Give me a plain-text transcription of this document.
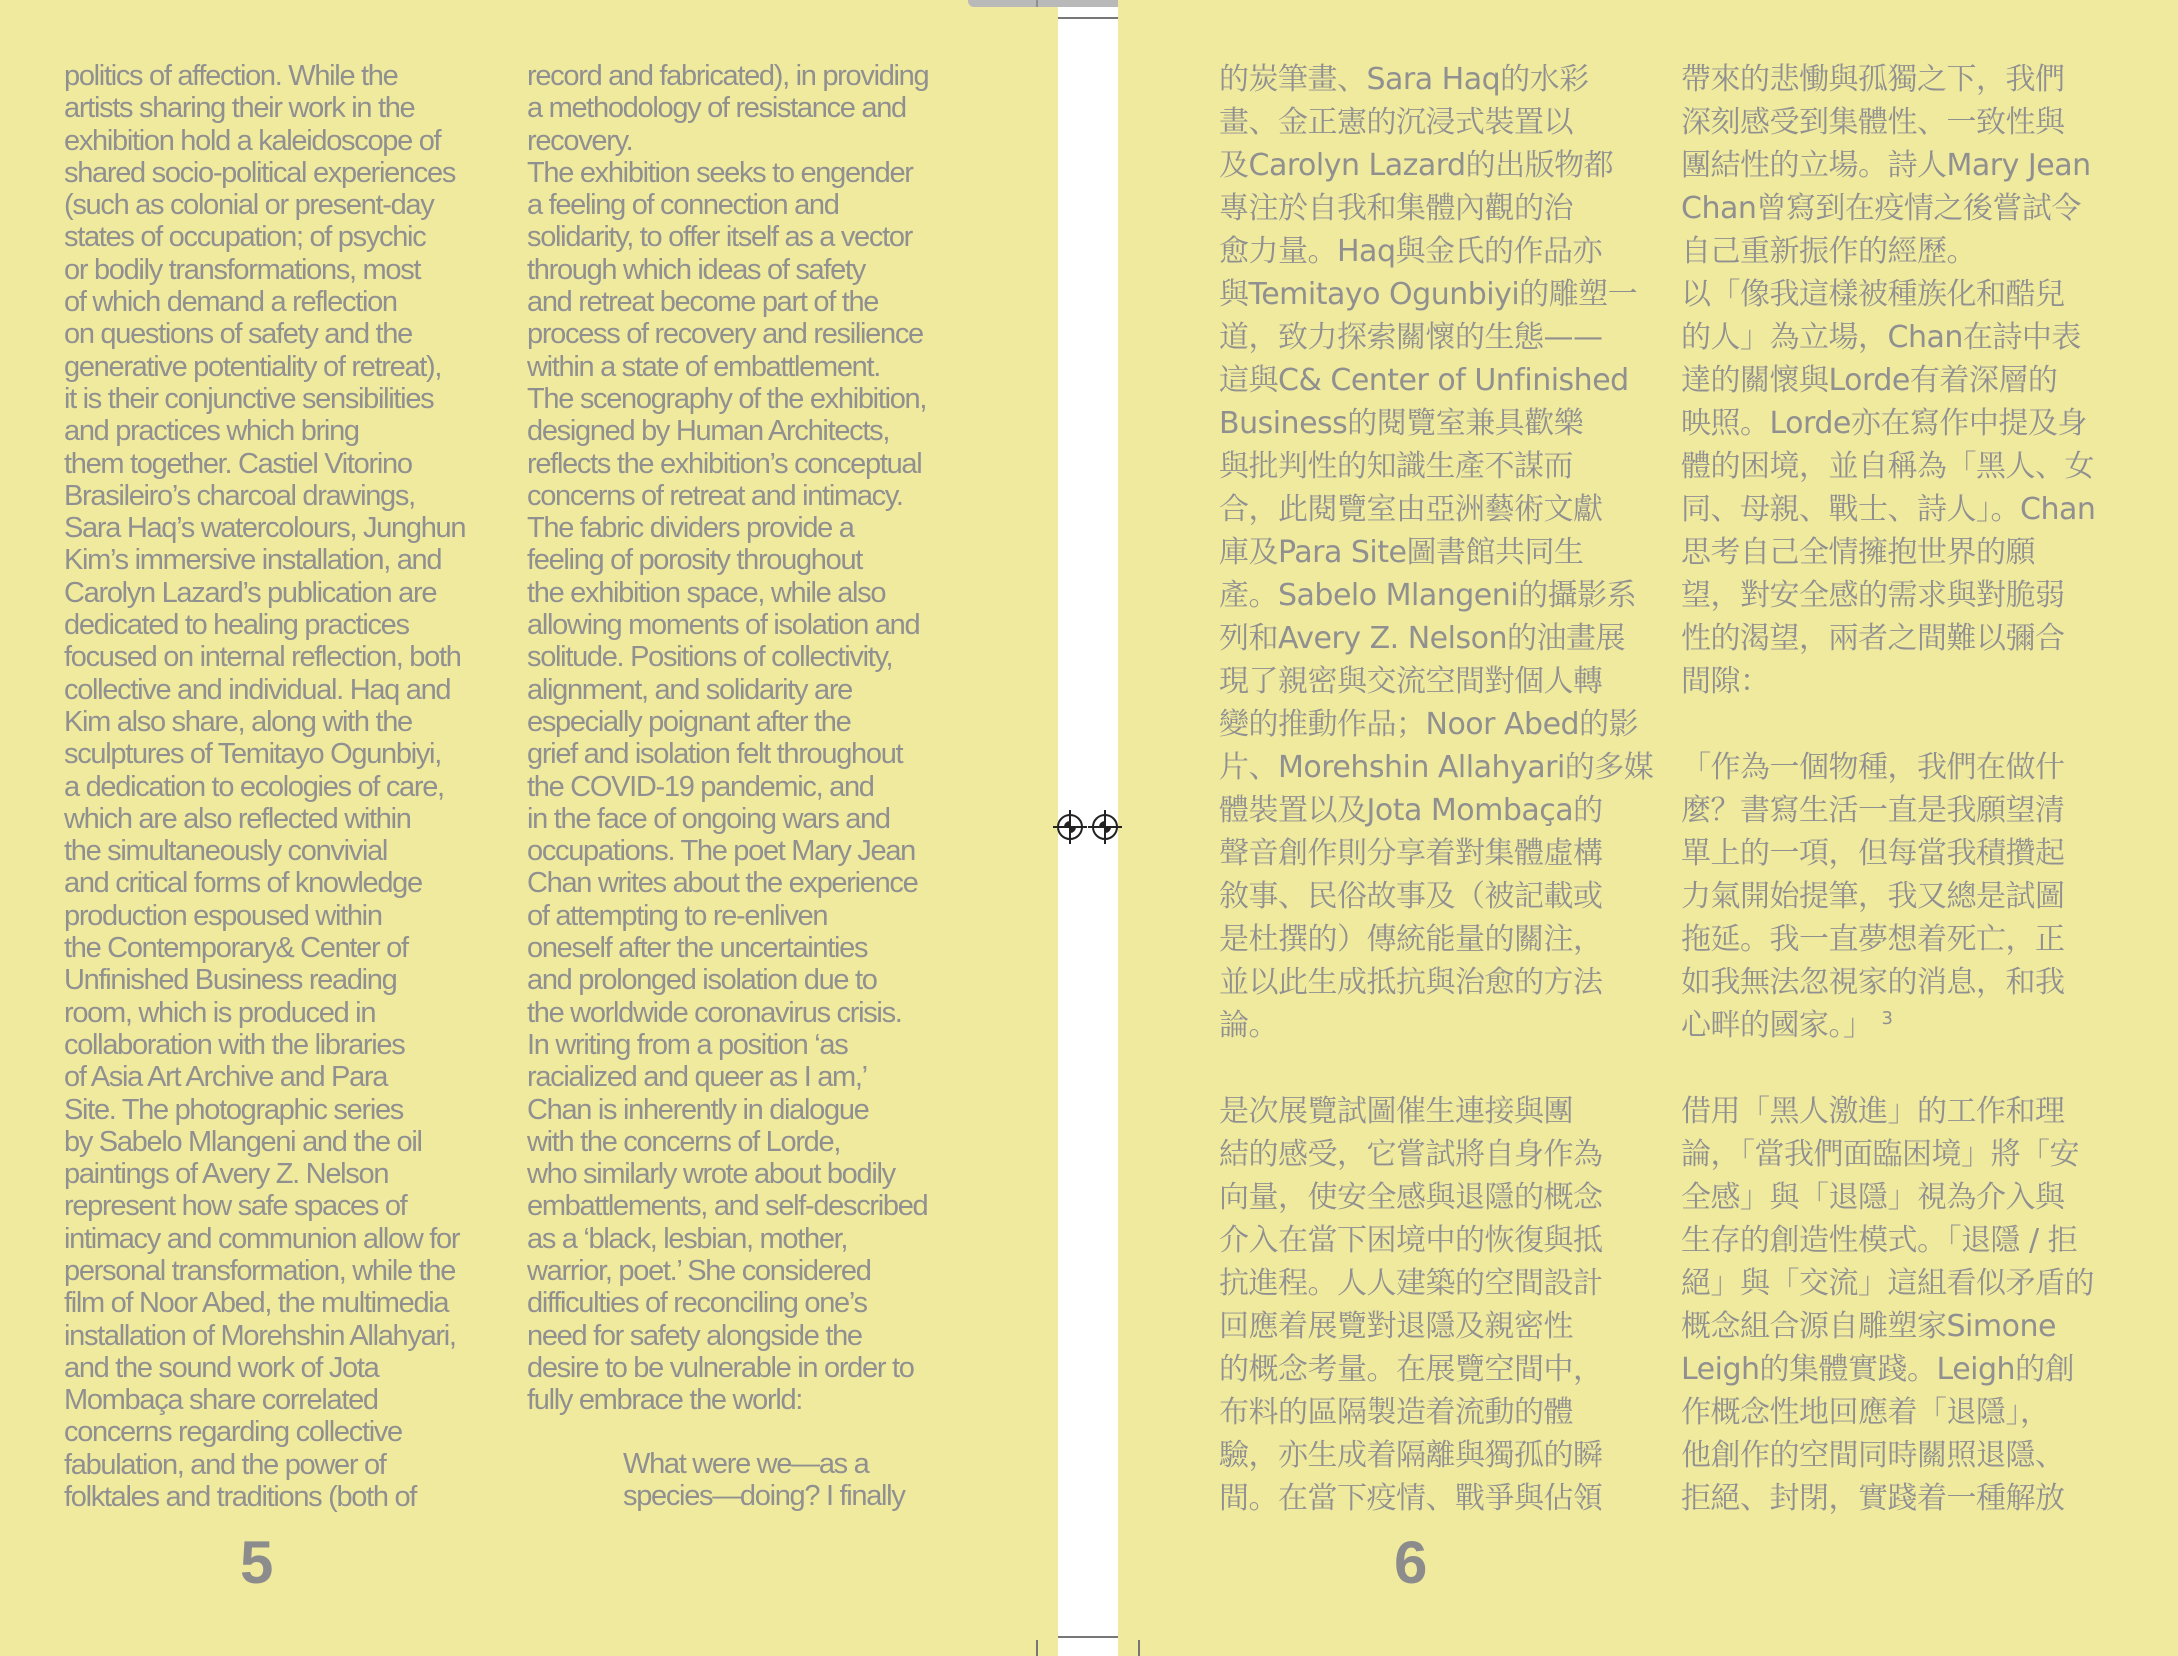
politics of affection. While the
artists sharing their work in the
exhibition hold a kaleidoscope of
shared socio-political experiences
(such as colonial or present-day
states of occupation; of psychic
or bodily transformations, most
of which demand a reflection
on questions of safety and the
generative potentiality of retreat),
it is their conjunctive sensibilities
and practices which bring
them together. Castiel Vitorino
Brasileiro’s charcoal drawings,
Sara Haq’s watercolours, Junghun
Kim’s immersive installation, and
Carolyn Lazard’s publication are
dedicated to healing practices
focused on internal reflection, both
collective and individual. Haq and
Kim also share, along with the
sculptures of Temitayo Ogunbiyi,
a dedication to ecologies of care,
which are also reflected within
the simultaneously convivial
and critical forms of knowledge
production espoused within
the Contemporary& Center of
Unfinished Business reading
room, which is produced in
collaboration with the libraries
of Asia Art Archive and Para
Site. The photographic series
by Sabelo Mlangeni and the oil
paintings of Avery Z. Nelson
represent how safe spaces of
intimacy and communion allow for
personal transformation, while the
film of Noor Abed, the multimedia
installation of Morehshin Allahyari,
and the sound work of Jota
Mombaça share correlated
concerns regarding collective
fabulation, and the power of
folktales and traditions (both of
record and fabricated), in providing
a methodology of resistance and
recovery.
The exhibition seeks to engender
a feeling of connection and
solidarity, to offer itself as a vector
through which ideas of safety
and retreat become part of the
process of recovery and resilience
within a state of embattlement.
The scenography of the exhibition,
designed by Human Architects,
reflects the exhibition’s conceptual
concerns of retreat and intimacy.
The fabric dividers provide a
feeling of porosity throughout
the exhibition space, while also
allowing moments of isolation and
solitude. Positions of collectivity,
alignment, and solidarity are
especially poignant after the
grief and isolation felt throughout
the COVID-19 pandemic, and
in the face of ongoing wars and
occupations. The poet Mary Jean
Chan writes about the experience
of attempting to re-enliven
oneself after the uncertainties
and prolonged isolation due to
the worldwide coronavirus crisis.
In writing from a position ‘as
racialized and queer as I am,’
Chan is inherently in dialogue
with the concerns of Lorde,
who similarly wrote about bodily
embattlements, and self-described
as a ‘black, lesbian, mother,
warrior, poet.’ She considered
difficulties of reconciling one’s
need for safety alongside the
desire to be vulnerable in order to
fully embrace the world:
What were we—as a
species—doing? I finally
5
的炭筆畫、Sara Haq的水彩
畫、金正憲的沉浸式裝置以
及Carolyn Lazard的出版物都
專注於自我和集體內觀的治
愈力量。Haq與金氏的作品亦
與Temitayo Ogunbiyi的雕塑一
道，致力探索關懷的生態——
這與C& Center of Unfinished
Business的閱覽室兼具歡樂
與批判性的知識生產不謀而
合，此閱覽室由亞洲藝術文獻
庫及Para Site圖書館共同生
產。Sabelo Mlangeni的攝影系
列和Avery Z. Nelson的油畫展
現了親密與交流空間對個人轉
變的推動作品；Noor Abed的影
片、Morehshin Allahyari的多媒
體裝置以及Jota Mombaça的
聲音創作則分享着對集體虛構
敘事、民俗故事及（被記載或
是杜撰的）傳統能量的關注，
並以此生成抵抗與治愈的方法
論。

是次展覽試圖催生連接與團
結的感受，它嘗試將自身作為
向量，使安全感與退隱的概念
介入在當下困境中的恢復與抵
抗進程。人人建築的空間設計
回應着展覽對退隱及親密性
的概念考量。在展覽空間中，
布料的區隔製造着流動的體
驗，亦生成着隔離與獨孤的瞬
間。在當下疫情、戰爭與佔領
帶來的悲慟與孤獨之下，我們
深刻感受到集體性、一致性與
團結性的立場。詩人Mary Jean
Chan曾寫到在疫情之後嘗試令
自己重新振作的經歷。
以「像我這樣被種族化和酷兒
的人」為立場，Chan在詩中表
達的關懷與Lorde有着深層的
映照。Lorde亦在寫作中提及身
體的困境，並自稱為「黑人、女
同、母親、戰士、詩人」。Chan
思考自己全情擁抱世界的願
望，對安全感的需求與對脆弱
性的渴望，兩者之間難以彌合
間隙：

「作為一個物種，我們在做什
麼？書寫生活一直是我願望清
單上的一項，但每當我積攢起
力氣開始提筆，我又總是試圖
拖延。我一直夢想着死亡，正
如我無法忽視家的消息，和我
心畔的國家。」 $^3$

借用「黑人激進」的工作和理
論，「當我們面臨困境」將「安
全感」與「退隱」視為介入與
生存的創造性模式。「退隱 / 拒
絕」與「交流」這組看似矛盾的
概念組合源自雕塑家Simone
Leigh的集體實踐。Leigh的創
作概念性地回應着「退隱」，
他創作的空間同時關照退隱、
拒絕、封閉，實踐着一種解放
6
